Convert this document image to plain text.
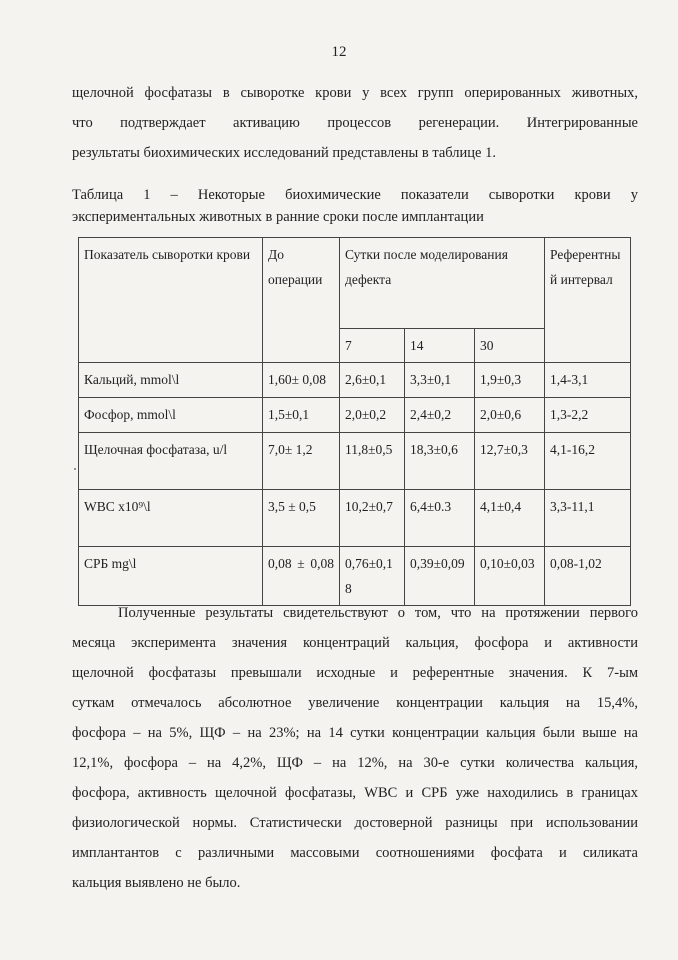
12

щелочной фосфатазы в сыворотке крови у всех групп оперированных животных,
что подтверждает активацию процессов регенерации. Интегрированные
результаты биохимических исследований представлены в таблице 1.

Таблица 1 – Некоторые биохимические показатели сыворотки крови у
экспериментальных животных в ранние сроки после имплантации

Показатель сыворотки крови	До операции	Сутки после моделирования дефекта			Референтный интервал
		7	14	30	
Кальций, mmol\l	1,60± 0,08	2,6±0,1	3,3±0,1	1,9±0,3	1,4-3,1
Фосфор, mmol\l	1,5±0,1	2,0±0,2	2,4±0,2	2,0±0,6	1,3-2,2
Щелочная фосфатаза, u/l	7,0± 1,2	11,8±0,5	18,3±0,6	12,7±0,3	4,1-16,2
WBC x10⁹\l	3,5 ± 0,5	10,2±0,7	6,4±0.3	4,1±0,4	3,3-11,1
СРБ mg\l	0,08 ± 0,08	0,76±0,18	0,39±0,09	0,10±0,03	0,08-1,02

Полученные результаты свидетельствуют о том, что на протяжении первого
месяца эксперимента значения концентраций кальция, фосфора и активности
щелочной фосфатазы превышали исходные и референтные значения. К 7-ым
суткам отмечалось абсолютное увеличение концентрации кальция на 15,4%,
фосфора – на 5%, ЩФ – на 23%; на 14 сутки концентрации кальция были выше на
12,1%, фосфора – на 4,2%, ЩФ – на 12%, на 30-е сутки количества кальция,
фосфора, активность щелочной фосфатазы, WBC и СРБ уже находились в границах
физиологической нормы. Статистически достоверной разницы при использовании
имплантантов с различными массовыми соотношениями фосфата и силиката
кальция выявлено не было.
